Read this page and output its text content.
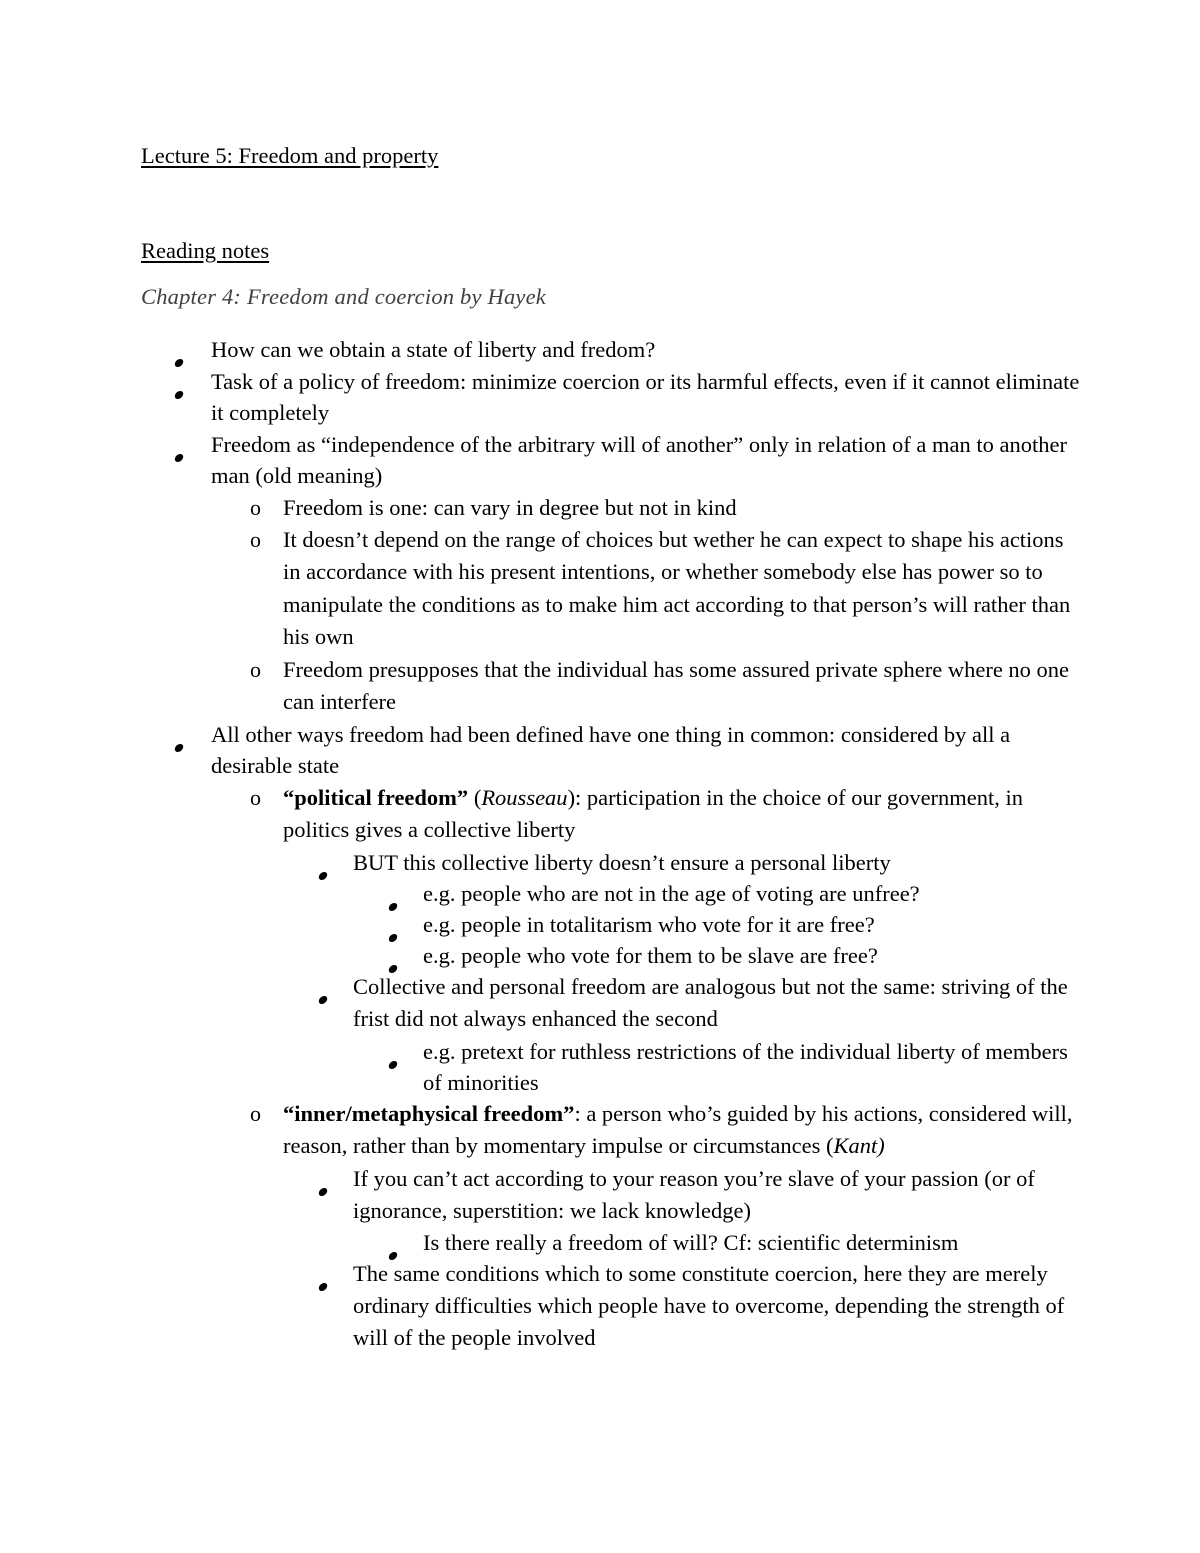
Lecture 5: Freedom and property
Reading notes
Chapter 4: Freedom and coercion by Hayek
How can we obtain a state of liberty and fredom?
Task of a policy of freedom: minimize coercion or its harmful effects, even if it cannot eliminate it completely
Freedom as “independence of the arbitrary will of another” only in relation of a man to another man (old meaning)
o Freedom is one: can vary in degree but not in kind
o It doesn’t depend on the range of choices but wether he can expect to shape his actions in accordance with his present intentions, or whether somebody else has power so to manipulate the conditions as to make him act according to that person’s will rather than his own
o Freedom presupposes that the individual has some assured private sphere where no one can interfere
All other ways freedom had been defined have one thing in common: considered by all a desirable state
o “political freedom” (Rousseau): participation in the choice of our government, in politics gives a collective liberty
BUT this collective liberty doesn’t ensure a personal liberty
e.g. people who are not in the age of voting are unfree?
e.g. people in totalitarism who vote for it are free?
e.g. people who vote for them to be slave are free?
Collective and personal freedom are analogous but not the same: striving of the frist did not always enhanced the second
e.g. pretext for ruthless restrictions of the individual liberty of members of minorities
o “inner/metaphysical freedom”: a person who’s guided by his actions, considered will, reason, rather than by momentary impulse or circumstances (Kant)
If you can’t act according to your reason you’re slave of your passion (or of ignorance, superstition: we lack knowledge)
Is there really a freedom of will? Cf: scientific determinism
The same conditions which to some constitute coercion, here they are merely ordinary difficulties which people have to overcome, depending the strength of will of the people involved
